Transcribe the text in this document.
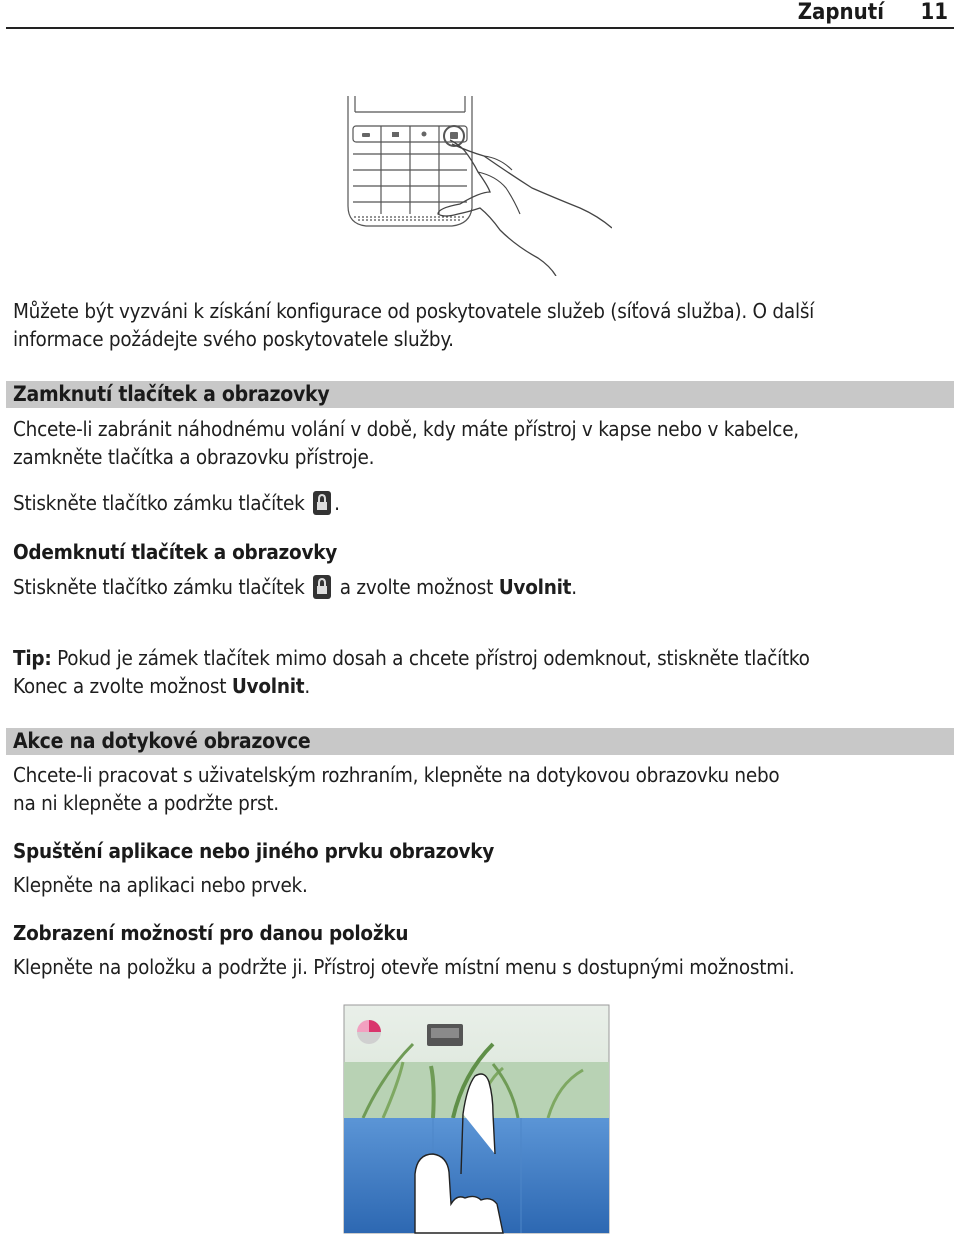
Zapnutí 11

Můžete být vyzváni k získání konfigurace od poskytovatele služeb (síťová služba). O další

informace požádejte svého poskytovatele služby.

Zamknutí tlačítek a obrazovky

Chcete-li zabránit náhodnému volání v době, kdy máte přístroj v kapse nebo v kabelce,

zamkněte tlačítka a obrazovku přístroje.

Stiskněte tlačítko zámku tlačítek .

Odemknutí tlačítek a obrazovky

Stiskněte tlačítko zámku tlačítek a zvolte možnost Uvolnit.

Tip: Pokud je zámek tlačítek mimo dosah a chcete přístroj odemknout, stiskněte tlačítko

Konec a zvolte možnost Uvolnit.

Akce na dotykové obrazovce

Chcete-li pracovat s uživatelským rozhraním, klepněte na dotykovou obrazovku nebo

na ni klepněte a podržte prst.

Spuštění aplikace nebo jiného prvku obrazovky

Klepněte na aplikaci nebo prvek.

Zobrazení možností pro danou položku

Klepněte na položku a podržte ji. Přístroj otevře místní menu s dostupnými možnostmi.
